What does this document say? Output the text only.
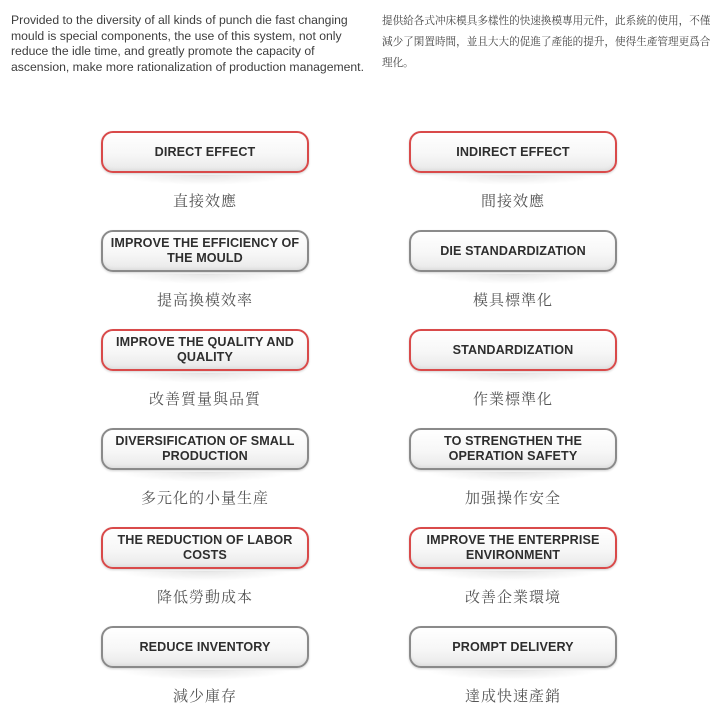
Provided to the diversity of all kinds of punch die fast changing mould is special components, the use of this system, not only reduce the idle time, and greatly promote the capacity of ascension, make more rationalization of production management.
提供給各式冲床模具多樣性的快速換模專用元件，此系統的使用，不僅減少了閑置時間，並且大大的促進了產能的提升，使得生產管理更爲合理化。
DIRECT EFFECT
直接效應
IMPROVE THE EFFICIENCY OF THE MOULD
提高換模效率
IMPROVE THE QUALITY AND QUALITY
改善質量與品質
DIVERSIFICATION OF SMALL PRODUCTION
多元化的小量生産
THE REDUCTION OF LABOR COSTS
降低勞動成本
REDUCE INVENTORY
減少庫存
INDIRECT EFFECT
間接效應
DIE STANDARDIZATION
模具標準化
STANDARDIZATION
作業標準化
TO STRENGTHEN THE OPERATION SAFETY
加强操作安全
IMPROVE THE ENTERPRISE ENVIRONMENT
改善企業環境
PROMPT DELIVERY
達成快速產銷
